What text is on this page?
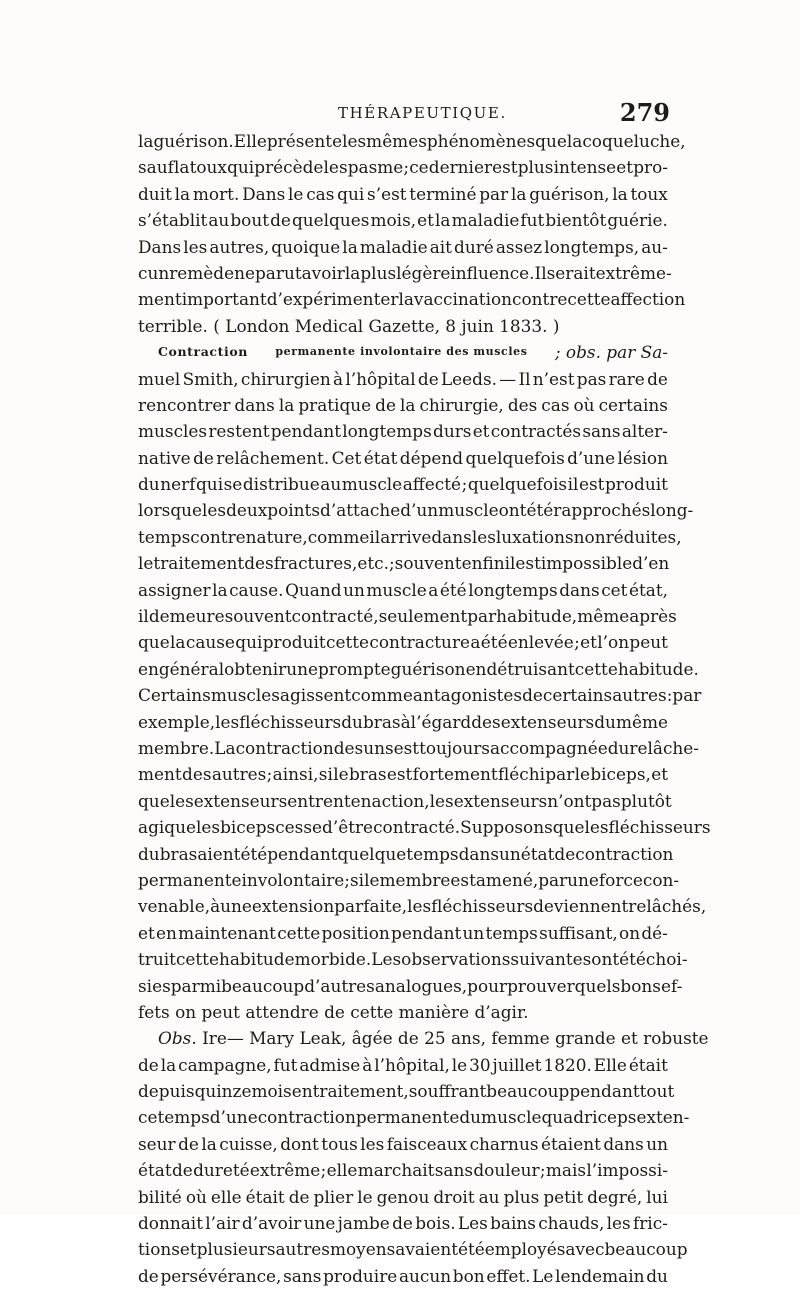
THÉRAPEUTIQUE.	279
la guérison. Elle présente les mêmes phénomènes que la coqueluche,
sauf la toux qui précède le spasme ; ce dernier est plus intense et pro-
duit la mort. Dans le cas qui s’est terminé par la guérison, la toux
s’établit au bout de quelques mois, et la maladie fut bientôt guérie.
Dans les autres, quoique la maladie ait duré assez longtemps, au-
cun remède ne parut avoir la plus légère influence. Il serait extrême-
ment important d’expérimenter la vaccination contre cette affection
terrible. ( London Medical Gazette, 8 juin 1833. )
Contraction permanente involontaire des muscles ; obs. par Sa-
muel Smith, chirurgien à l’hôpital de Leeds. — Il n’est pas rare de
rencontrer dans la pratique de la chirurgie, des cas où certains
muscles restent pendant longtemps durs et contractés sans alter-
native de relâchement. Cet état dépend quelquefois d’une lésion
du nerf qui se distribue au muscle affecté ; quelquefois il est produit
lorsque les deux points d’attache d’un muscle ont été rapprochés long-
temps contre nature, comme il arrive dans les luxations non réduites,
le traitement des fractures, etc. ; souvent enfin il est impossible d’en
assigner la cause. Quand un muscle a été longtemps dans cet état,
il demeure souvent contracté, seulement par habitude, même après
que la cause qui produit cette contracture a été enlevée ; et l’on peut
en général obtenir une prompte guérison en détruisant cette habitude.
Certains muscles agissent comme antagonistes de certains autres : par
exemple, les fléchisseurs du bras à l’égard des extenseurs du même
membre. La contraction des uns est toujours accompagnée du relâche-
ment des autres ; ainsi, si le bras est fortement fléchi par le biceps, et
que les extenseurs entrent en action, les extenseurs n’ont pas plutôt
agi que les biceps cesse d’être contracté. Supposons que les fléchisseurs
du bras aient été pendant quelque temps dans un état de contraction
permanente involontaire ; si le membre est amené, par une force con-
venable, à une extension parfaite, les fléchisseurs deviennent relâchés,
et en maintenant cette position pendant un temps suffisant, on dé-
truit cette habitude morbide. Les observations suivantes ont été choi-
sies parmi beaucoup d’autres analogues, pour prouver quels bons ef-
fets on peut attendre de cette manière d’agir.
Obs. Ire — Mary Leak, âgée de 25 ans, femme grande et robuste
de la campagne, fut admise à l’hôpital, le 30 juillet 1820. Elle était
depuis quinze mois en traitement, souffrant beaucoup pendant tout
ce temps d’une contraction permanente du muscle quadriceps exten-
seur de la cuisse, dont tous les faisceaux charnus étaient dans un
état de dureté extrême ; elle marchait sans douleur ; mais l’impossi-
bilité où elle était de plier le genou droit au plus petit degré, lui
donnait l’air d’avoir une jambe de bois. Les bains chauds, les fric-
tions et plusieurs autres moyens avaient été employés avec beaucoup
de persévérance, sans produire aucun bon effet. Le lendemain du
